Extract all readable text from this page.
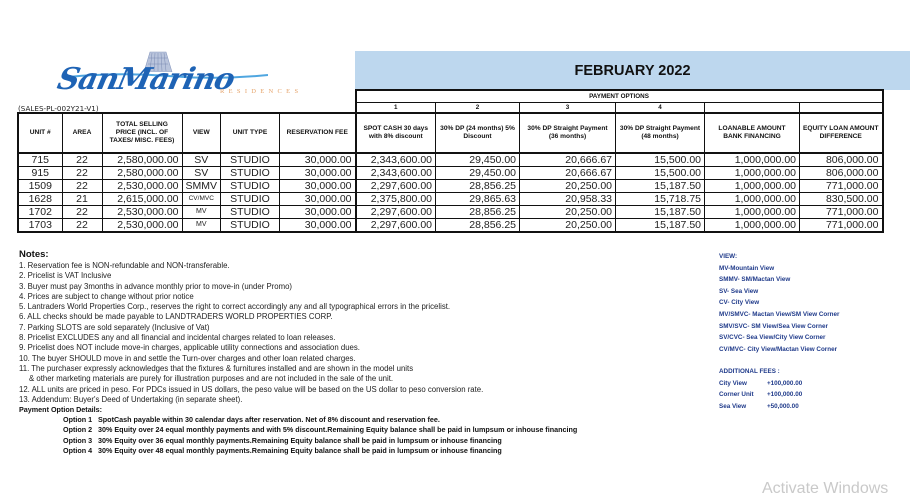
SanMarino
RESIDENCES
(SALES-PL-002Y21-V1)
FEBRUARY 2022
						PAYMENT OPTIONS					
						1	2	3	4		
UNIT #	AREA	TOTAL SELLING PRICE (INCL. OF TAXES/ MISC. FEES)	VIEW	UNIT TYPE	RESERVATION FEE	SPOT CASH 30 days with 8% discount	30% DP (24 months) 5% Discount	30% DP Straight Payment (36 months)	30% DP Straight Payment (48 months)	LOANABLE AMOUNT BANK FINANCING	EQUITY LOAN AMOUNT DIFFERENCE
715	22	2,580,000.00	SV	STUDIO	30,000.00	2,343,600.00	29,450.00	20,666.67	15,500.00	1,000,000.00	806,000.00
915	22	2,580,000.00	SV	STUDIO	30,000.00	2,343,600.00	29,450.00	20,666.67	15,500.00	1,000,000.00	806,000.00
1509	22	2,530,000.00	SMMV	STUDIO	30,000.00	2,297,600.00	28,856.25	20,250.00	15,187.50	1,000,000.00	771,000.00
1628	21	2,615,000.00	CV/MVC	STUDIO	30,000.00	2,375,800.00	29,865.63	20,958.33	15,718.75	1,000,000.00	830,500.00
1702	22	2,530,000.00	MV	STUDIO	30,000.00	2,297,600.00	28,856.25	20,250.00	15,187.50	1,000,000.00	771,000.00
1703	22	2,530,000.00	MV	STUDIO	30,000.00	2,297,600.00	28,856.25	20,250.00	15,187.50	1,000,000.00	771,000.00
Notes:
1. Reservation fee is NON-refundable and NON-transferable.
2. Pricelist is VAT Inclusive
3. Buyer must pay 3months in advance monthly prior to move-in (under Promo)
4. Prices are subject to change without prior notice
5. Lantraders World Properties Corp., reserves the right to correct accordingly any and all typographical errors in the pricelist.
6. ALL checks should be made payable to LANDTRADERS WORLD PROPERTIES CORP.
7. Parking SLOTS are sold separately (Inclusive of Vat)
8. Pricelist EXCLUDES any and all financial and incidental charges related to loan releases.
9. Pricelist does NOT include move-in charges, applicable utility connections and association dues.
10. The buyer SHOULD move in and settle the Turn-over charges and other loan related charges.
11. The purchaser expressly acknowledges that the fixtures & furnitures installed and are shown in the model units
& other marketing materials are purely for illustration purposes and are not included in the sale of the unit.
12. ALL units are priced in peso. For PDCs issued in US dollars, the peso value will be based on the US dollar to peso conversion rate.
13. Addendum: Buyer's Deed of Undertaking (in separate sheet).
Payment Option Details:
Option 1 SpotCash payable within 30 calendar days after reservation. Net of 8% discount and reservation fee.
Option 2 30% Equity over 24 equal monthly payments and with 5% discount.Remaining Equity balance shall be paid in lumpsum or inhouse financing
Option 3 30% Equity over 36 equal monthly payments.Remaining Equity balance shall be paid in lumpsum or inhouse financing
Option 4 30% Equity over 48 equal monthly payments.Remaining Equity balance shall be paid in lumpsum or inhouse financing
VIEW:
MV-Mountain View
SMMV- SM/Mactan View
SV- Sea View
CV- City View
MV/SMVC- Mactan View/SM View Corner
SMV/SVC- SM View/Sea View Corner
SV/CVC- Sea View/City View Corner
CV/MVC- City View/Mactan View Corner
ADDITIONAL FEES :
City View	+100,000.00
Corner Unit	+100,000.00
Sea View	+50,000.00
Activate Windows
